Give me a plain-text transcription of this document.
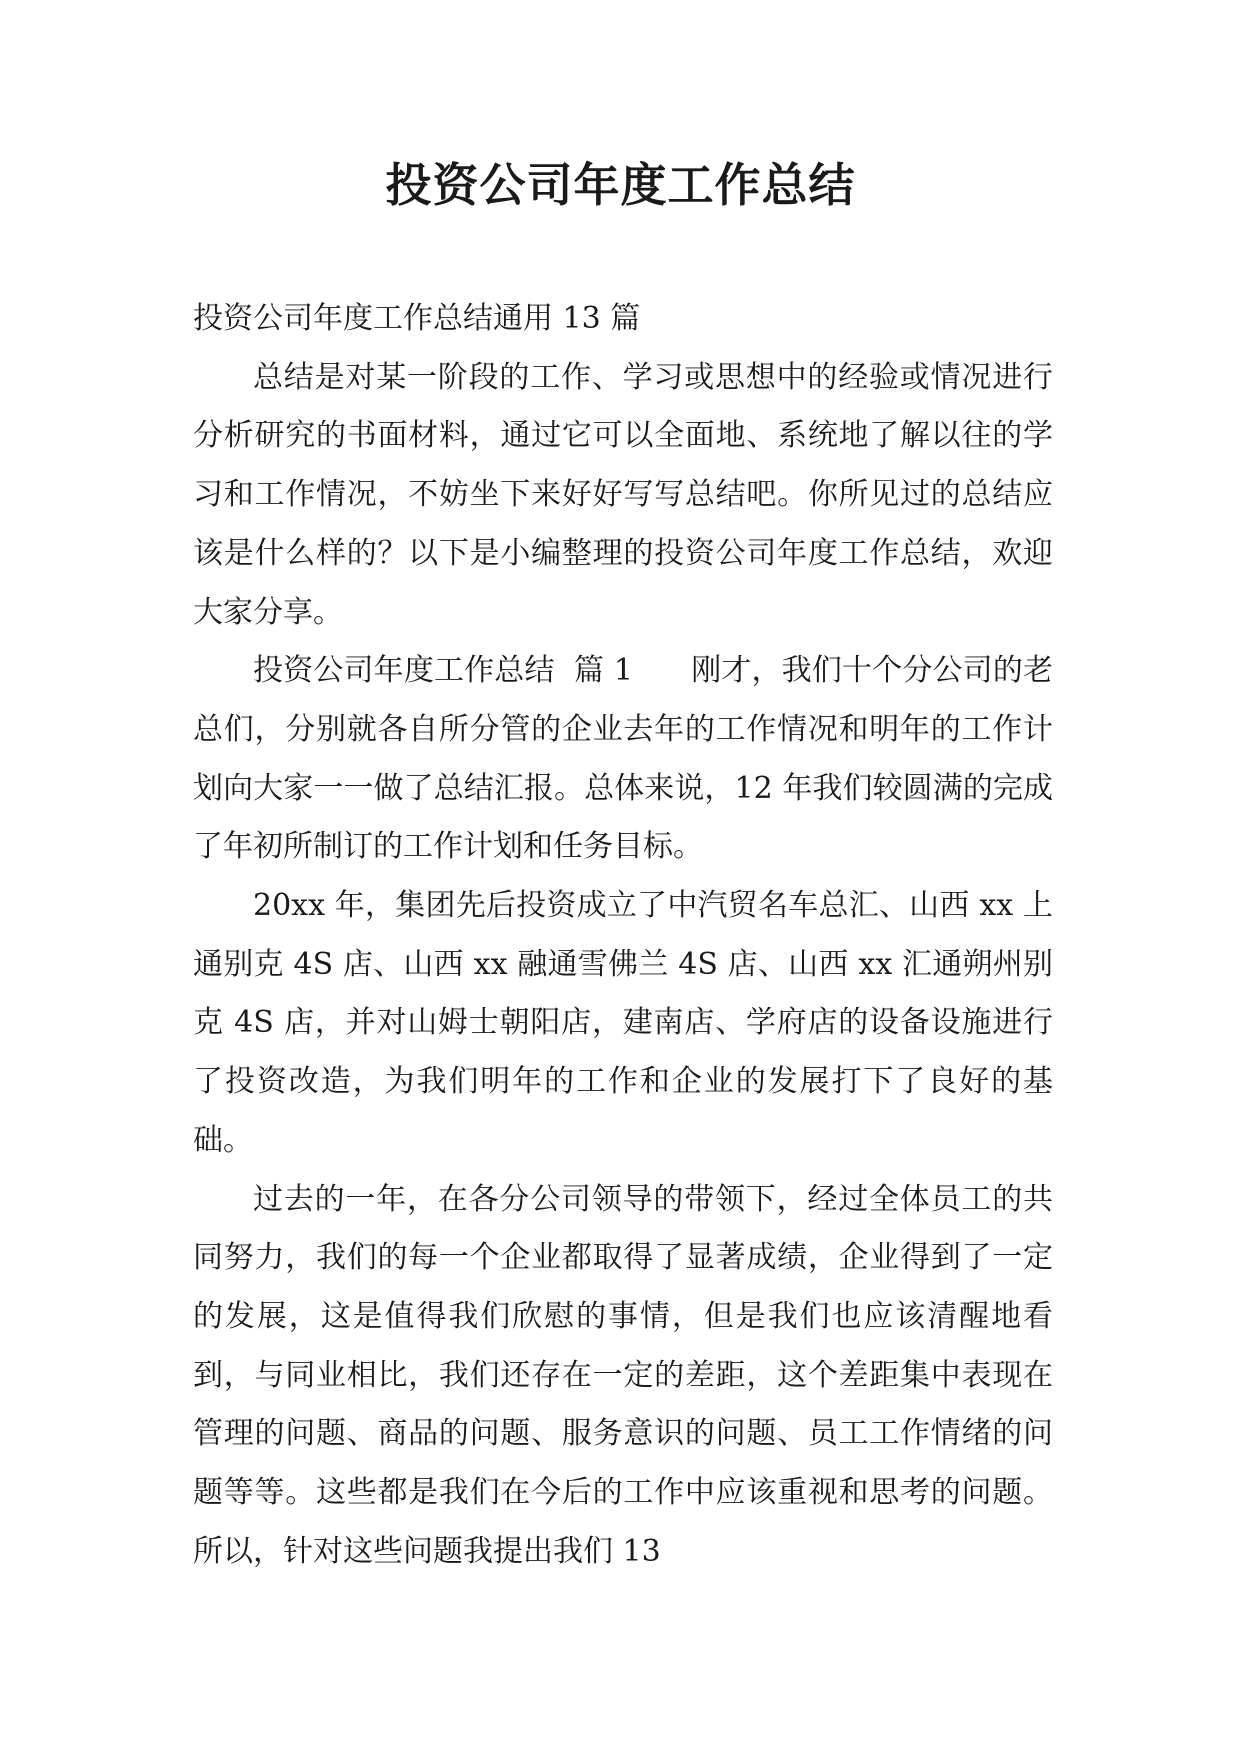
投资公司年度工作总结

投资公司年度工作总结通用 13 篇

总结是对某一阶段的工作、学习或思想中的经验或情况进行分析研究的书面材料，通过它可以全面地、系统地了解以往的学习和工作情况，不妨坐下来好好写写总结吧。你所见过的总结应该是什么样的？以下是小编整理的投资公司年度工作总结，欢迎大家分享。

投资公司年度工作总结  篇 1      刚才，我们十个分公司的老总们，分别就各自所分管的企业去年的工作情况和明年的工作计划向大家一一做了总结汇报。总体来说，12 年我们较圆满的完成了年初所制订的工作计划和任务目标。

20xx 年，集团先后投资成立了中汽贸名车总汇、山西 xx 上通别克 4S 店、山西 xx 融通雪佛兰 4S 店、山西 xx 汇通朔州别克 4S 店，并对山姆士朝阳店，建南店、学府店的设备设施进行了投资改造，为我们明年的工作和企业的发展打下了良好的基础。

过去的一年，在各分公司领导的带领下，经过全体员工的共同努力，我们的每一个企业都取得了显著成绩，企业得到了一定的发展，这是值得我们欣慰的事情，但是我们也应该清醒地看到，与同业相比，我们还存在一定的差距，这个差距集中表现在管理的问题、商品的问题、服务意识的问题、员工工作情绪的问题等等。这些都是我们在今后的工作中应该重视和思考的问题。所以，针对这些问题我提出我们 13
